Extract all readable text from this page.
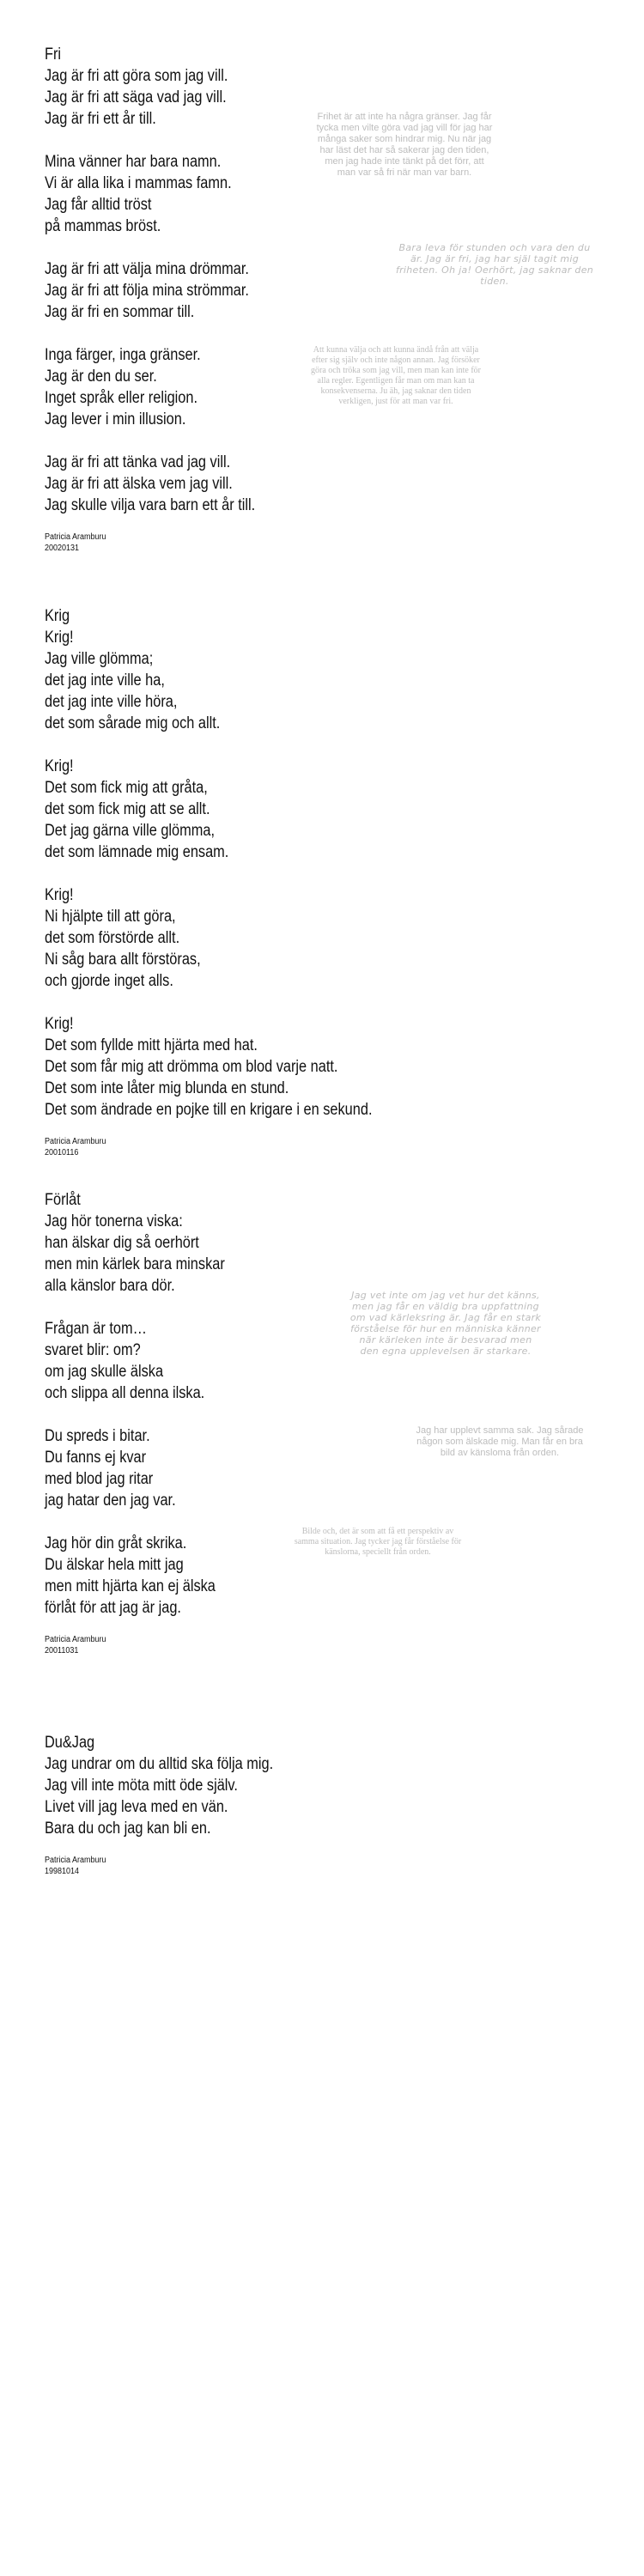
Fri
Jag är fri att göra som jag vill.
Jag är fri att säga vad jag vill.
Jag är fri ett år till.
Mina vänner har bara namn.
Vi är alla lika i mammas famn.
Jag får alltid tröst
på mammas bröst.
Jag är fri att välja mina drömmar.
Jag är fri att följa mina strömmar.
Jag är fri en sommar till.
Inga färger, inga gränser.
Jag är den du ser.
Inget språk eller religion.
Jag lever i min illusion.
Jag är fri att tänka vad jag vill.
Jag är fri att älska vem jag vill.
Jag skulle vilja vara barn ett år till.
Patricia Aramburu
20020131
Krig
Krig!
Jag ville glömma;
det jag inte ville ha,
det jag inte ville höra,
det som sårade mig och allt.
Krig!
Det som fick mig att gråta,
det som fick mig att se allt.
Det jag gärna ville glömma,
det som lämnade mig ensam.
Krig!
Ni hjälpte till att göra,
det som förstörde allt.
Ni såg bara allt förstöras,
och gjorde inget alls.
Krig!
Det som fyllde mitt hjärta med hat.
Det som får mig att drömma om blod varje natt.
Det som inte låter mig blunda en stund.
Det som ändrade en pojke till en krigare i en sekund.
Patricia Aramburu
20010116
Förlåt
Jag hör tonerna viska:
han älskar dig så oerhört
men min kärlek bara minskar
alla känslor bara dör.
Frågan är tom…
svaret blir: om?
om jag skulle älska
och slippa all denna ilska.
Du spreds i bitar.
Du fanns ej kvar
med blod jag ritar
jag hatar den jag var.
Jag hör din gråt skrika.
Du älskar hela mitt jag
men mitt hjärta kan ej älska
förlåt för att jag är jag.
Patricia Aramburu
20011031
Du&Jag
Jag undrar om du alltid ska följa mig.
Jag vill inte möta mitt öde själv.
Livet vill jag leva med en vän.
Bara du och jag kan bli en.
Patricia Aramburu
19981014

Frihet är att inte ha några gränser. Jag får tycka men vilte göra vad jag vill för jag har många saker som hindrar mig. Nu när jag har läst det har så sakerar jag den tiden, men jag hade inte tänkt på det förr, att man var så fri när man var barn.

Bara leva för stunden och vara den du är. Jag är fri, jag har själ tagit mig friheten. Oh ja! Oerhört, jag saknar den tiden.

Att kunna välja och att kunna ändå från att välja efter sig själv och inte någon annan. Jag försöker göra och tröka som jag vill, men man kan inte för alla regler. Egentligen får man om man kan ta konsekvenserna. Ju äh, jag saknar den tiden verkligen, just för att man var fri.

Jag vet inte om jag vet hur det känns, men jag får en väldig bra uppfattning om vad kärleksring är. Jag får en stark förståelse för hur en människa känner när kärleken inte är besvarad men den egna upplevelsen är starkare.

Jag har upplevt samma sak. Jag sårade någon som älskade mig. Man får en bra bild av känsloma från orden.

Bilde och, det är som att få ett perspektiv av samma situation. Jag tycker jag får förståelse för känslorna, speciellt från orden.
